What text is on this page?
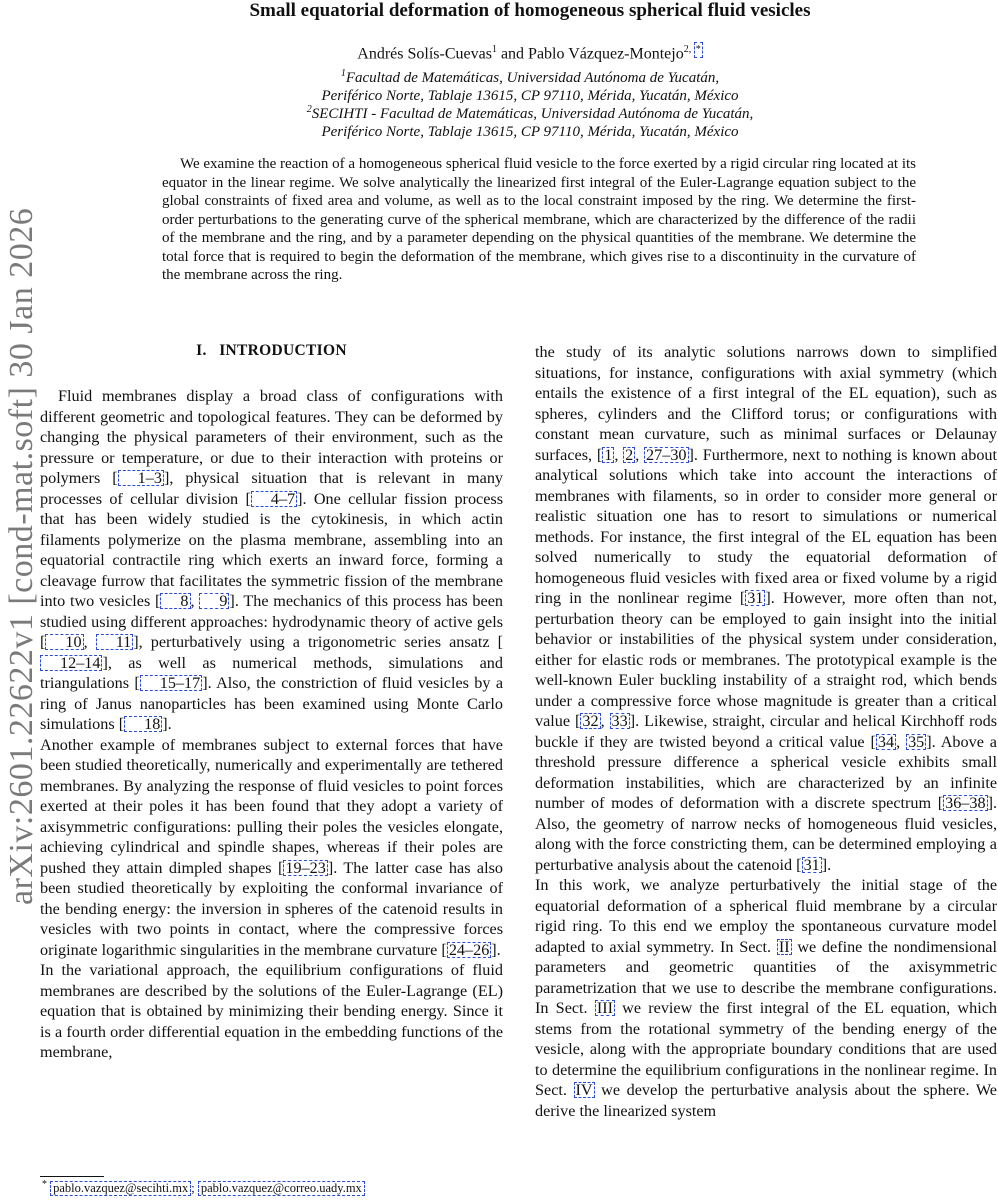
arXiv:2601.22622v1 [cond-mat.soft] 30 Jan 2026
Small equatorial deformation of homogeneous spherical fluid vesicles
Andrés Solís-Cuevas$^1$ and Pablo Vázquez-Montejo$^{2, *}$
$^1$Facultad de Matemáticas, Universidad Autónoma de Yucatán,
Periférico Norte, Tablaje 13615, CP 97110, Mérida, Yucatán, México
$^2$SECIHTI - Facultad de Matemáticas, Universidad Autónoma de Yucatán,
Periférico Norte, Tablaje 13615, CP 97110, Mérida, Yucatán, México
We examine the reaction of a homogeneous spherical fluid vesicle to the force exerted by a rigid circular ring located at its equator in the linear regime. We solve analytically the linearized first integral of the Euler-Lagrange equation subject to the global constraints of fixed area and volume, as well as to the local constraint imposed by the ring. We determine the first-order perturbations to the generating curve of the spherical membrane, which are characterized by the difference of the radii of the membrane and the ring, and by a parameter depending on the physical quantities of the membrane. We determine the total force that is required to begin the deformation of the membrane, which gives rise to a discontinuity in the curvature of the membrane across the ring.
I. INTRODUCTION

Fluid membranes display a broad class of configurations with different geometric and topological features. They can be deformed by changing the physical parameters of their environment, such as the pressure or temperature, or due to their interaction with proteins or polymers [ 1–3 ], physical situation that is relevant in many processes of cellular division [ 4–7 ]. One cellular fission process that has been widely studied is the cytokinesis, in which actin filaments polymerize on the plasma membrane, assembling into an equatorial contractile ring which exerts an inward force, forming a cleavage furrow that facilitates the symmetric fission of the membrane into two vesicles [ 8 , 9 ]. The mechanics of this process has been studied using different approaches: hydrodynamic theory of active gels [ 10 , 11 ], perturbatively using a trigonometric series ansatz [12–14 ], as well as numerical methods, simulations and triangulations [ 15–17 ]. Also, the constriction of fluid vesicles by a ring of Janus nanoparticles has been examined using Monte Carlo simulations [ 18 ].

Another example of membranes subject to external forces that have been studied theoretically, numerically and experimentally are tethered membranes. By analyzing the response of fluid vesicles to point forces exerted at their poles it has been found that they adopt a variety of axisymmetric configurations: pulling their poles the vesicles elongate, achieving cylindrical and spindle shapes, whereas if their poles are pushed they attain dimpled shapes [ 19–23 ]. The latter case has also been studied theoretically by exploiting the conformal invariance of the bending energy: the inversion in spheres of the catenoid results in vesicles with two points in contact, where the compressive forces originate logarithmic singularities in the membrane curvature [ 24–26 ].

In the variational approach, the equilibrium configurations of fluid membranes are described by the solutions of the Euler-Lagrange (EL) equation that is obtained by minimizing their bending energy. Since it is a fourth order differential equation in the embedding functions of the membrane,

the study of its analytic solutions narrows down to simplified situations, for instance, configurations with axial symmetry (which entails the existence of a first integral of the EL equation), such as spheres, cylinders and the Clifford torus; or configurations with constant mean curvature, such as minimal surfaces or Delaunay surfaces, [ 1 , 2 , 27–30 ]. Furthermore, next to nothing is known about analytical solutions which take into account the interactions of membranes with filaments, so in order to consider more general or realistic situation one has to resort to simulations or numerical methods. For instance, the first integral of the EL equation has been solved numerically to study the equatorial deformation of homogeneous fluid vesicles with fixed area or fixed volume by a rigid ring in the nonlinear regime [ 31 ]. However, more often than not, perturbation theory can be employed to gain insight into the initial behavior or instabilities of the physical system under consideration, either for elastic rods or membranes. The prototypical example is the well-known Euler buckling instability of a straight rod, which bends under a compressive force whose magnitude is greater than a critical value [ 32 , 33 ]. Likewise, straight, circular and helical Kirchhoff rods buckle if they are twisted beyond a critical value [ 34 , 35 ]. Above a threshold pressure difference a spherical vesicle exhibits small deformation instabilities, which are characterized by an infinite number of modes of deformation with a discrete spectrum [ 36–38 ]. Also, the geometry of narrow necks of homogeneous fluid vesicles, along with the force constricting them, can be determined employing a perturbative analysis about the catenoid [ 31 ].

In this work, we analyze perturbatively the initial stage of the equatorial deformation of a spherical fluid membrane by a circular rigid ring. To this end we employ the spontaneous curvature model adapted to axial symmetry. In Sect. II we define the nondimensional parameters and geometric quantities of the axisymmetric parametrization that we use to describe the membrane configurations. In Sect. III we review the first integral of the EL equation, which stems from the rotational symmetry of the bending energy of the vesicle, along with the appropriate boundary conditions that are used to determine the equilibrium configurations in the nonlinear regime. In Sect. IV we develop the perturbative analysis about the sphere. We derive the linearized system

* pablo.vazquez@secihti.mx ; pablo.vazquez@correo.uady.mx
